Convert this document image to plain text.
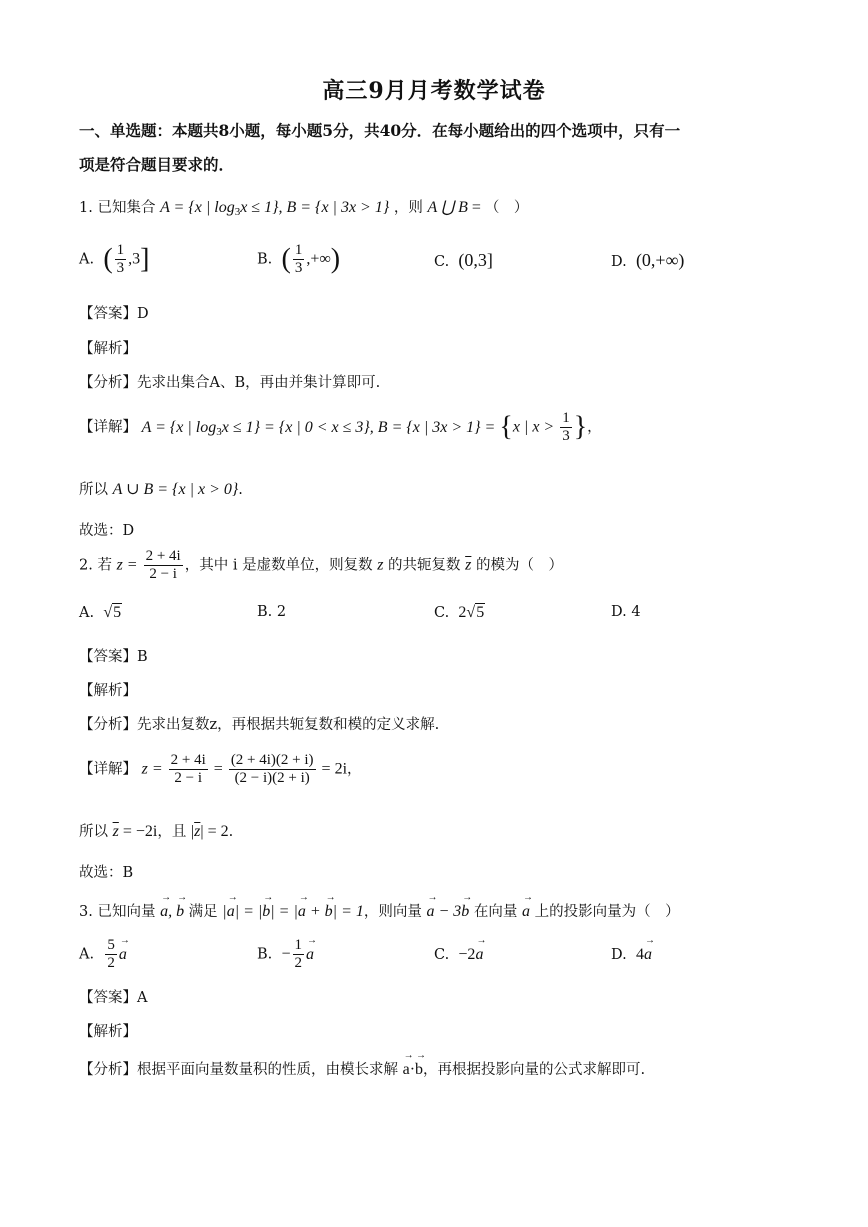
高三9月月考数学试卷
一、单选题：本题共8小题，每小题5分，共40分．在每小题给出的四个选项中，只有一
项是符合题目要求的．
1. 已知集合 A = {x | $\log_3x \le 1$}, B = {x | 3x > 1} ，则 A ⋃ B = （　）
A.  ( $\frac{1}{3} ,3$]	B.  ( $\frac{1}{3}$ ,+∞)	C.  (0,3]	D.  (0,+∞)
【答案】D
【解析】
【分析】先求出集合A、B，再由并集计算即可.
【详解】 A = {x | $\log_3x \le 1\} = \{x$ | 0 < x ≤ 3}, B = {x | 3x > 1} = {x | $x > \frac{1}{3}$ }，
所以 A ∪ B = {x | x > 0}.
故选：D
2. 若 $z = \frac{2 + 4i}{2 - i}$ ，其中 i 是虚数单位，则复数 z 的共轭复数 $\overline{z}$ 的模为（　）
A.  √5	B. 2	C.  2√5	D. 4
【答案】B
【解析】
【分析】先求出复数z，再根据共轭复数和模的定义求解.
【详解】 $z = \frac{2 + 4i}{2 - i} = \frac{(2 + 4i)(2 + i)}{(2 - i)(2 + i)} = 2i$，
所以 $\overline{z} = -2i$，且 $|\overline{z}| = 2$.
故选：B
3. 已知向量 → a, → b 满足 |→ a| = |→ b| = |→ a + → b| = 1，则向量 → a − 3→ b 在向量 → a 上的投影向量为（　）
A. $\frac{5}{2} \to a$	B.  − $\frac{1}{2} \to a$	C.  −2→ a	D.  4→ a
【答案】A
【解析】
【分析】根据平面向量数量积的性质，由模长求解 → a·→ b，再根据投影向量的公式求解即可.
